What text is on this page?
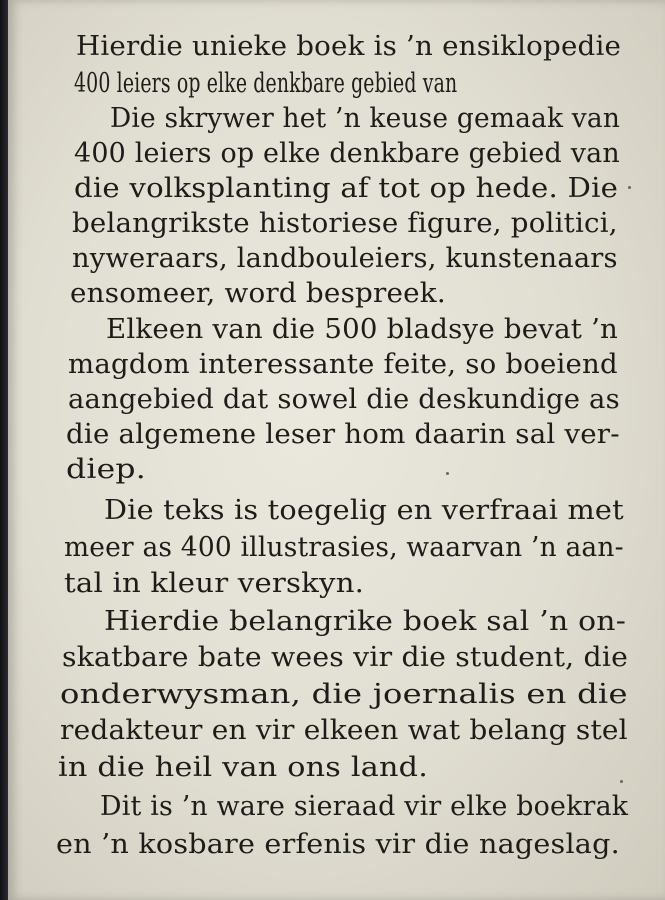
Hierdie unieke boek is ’n ensiklopedie
400 leiers op elke denkbare gebied van
Die skrywer het ’n keuse gemaak van
400 leiers op elke denkbare gebied van
die volksplanting af tot op hede. Die
belangrikste historiese figure, politici,
nyweraars, landbouleiers, kunstenaars
ensomeer, word bespreek.
Elkeen van die 500 bladsye bevat ’n
magdom interessante feite, so boeiend
aangebied dat sowel die deskundige as
die algemene leser hom daarin sal ver-
diep.
Die teks is toegelig en verfraai met
meer as 400 illustrasies, waarvan ’n aan-
tal in kleur verskyn.
Hierdie belangrike boek sal ’n on-
skatbare bate wees vir die student, die
onderwysman, die joernalis en die
redakteur en vir elkeen wat belang stel
in die heil van ons land.
Dit is ’n ware sieraad vir elke boekrak
en ’n kosbare erfenis vir die nageslag.
